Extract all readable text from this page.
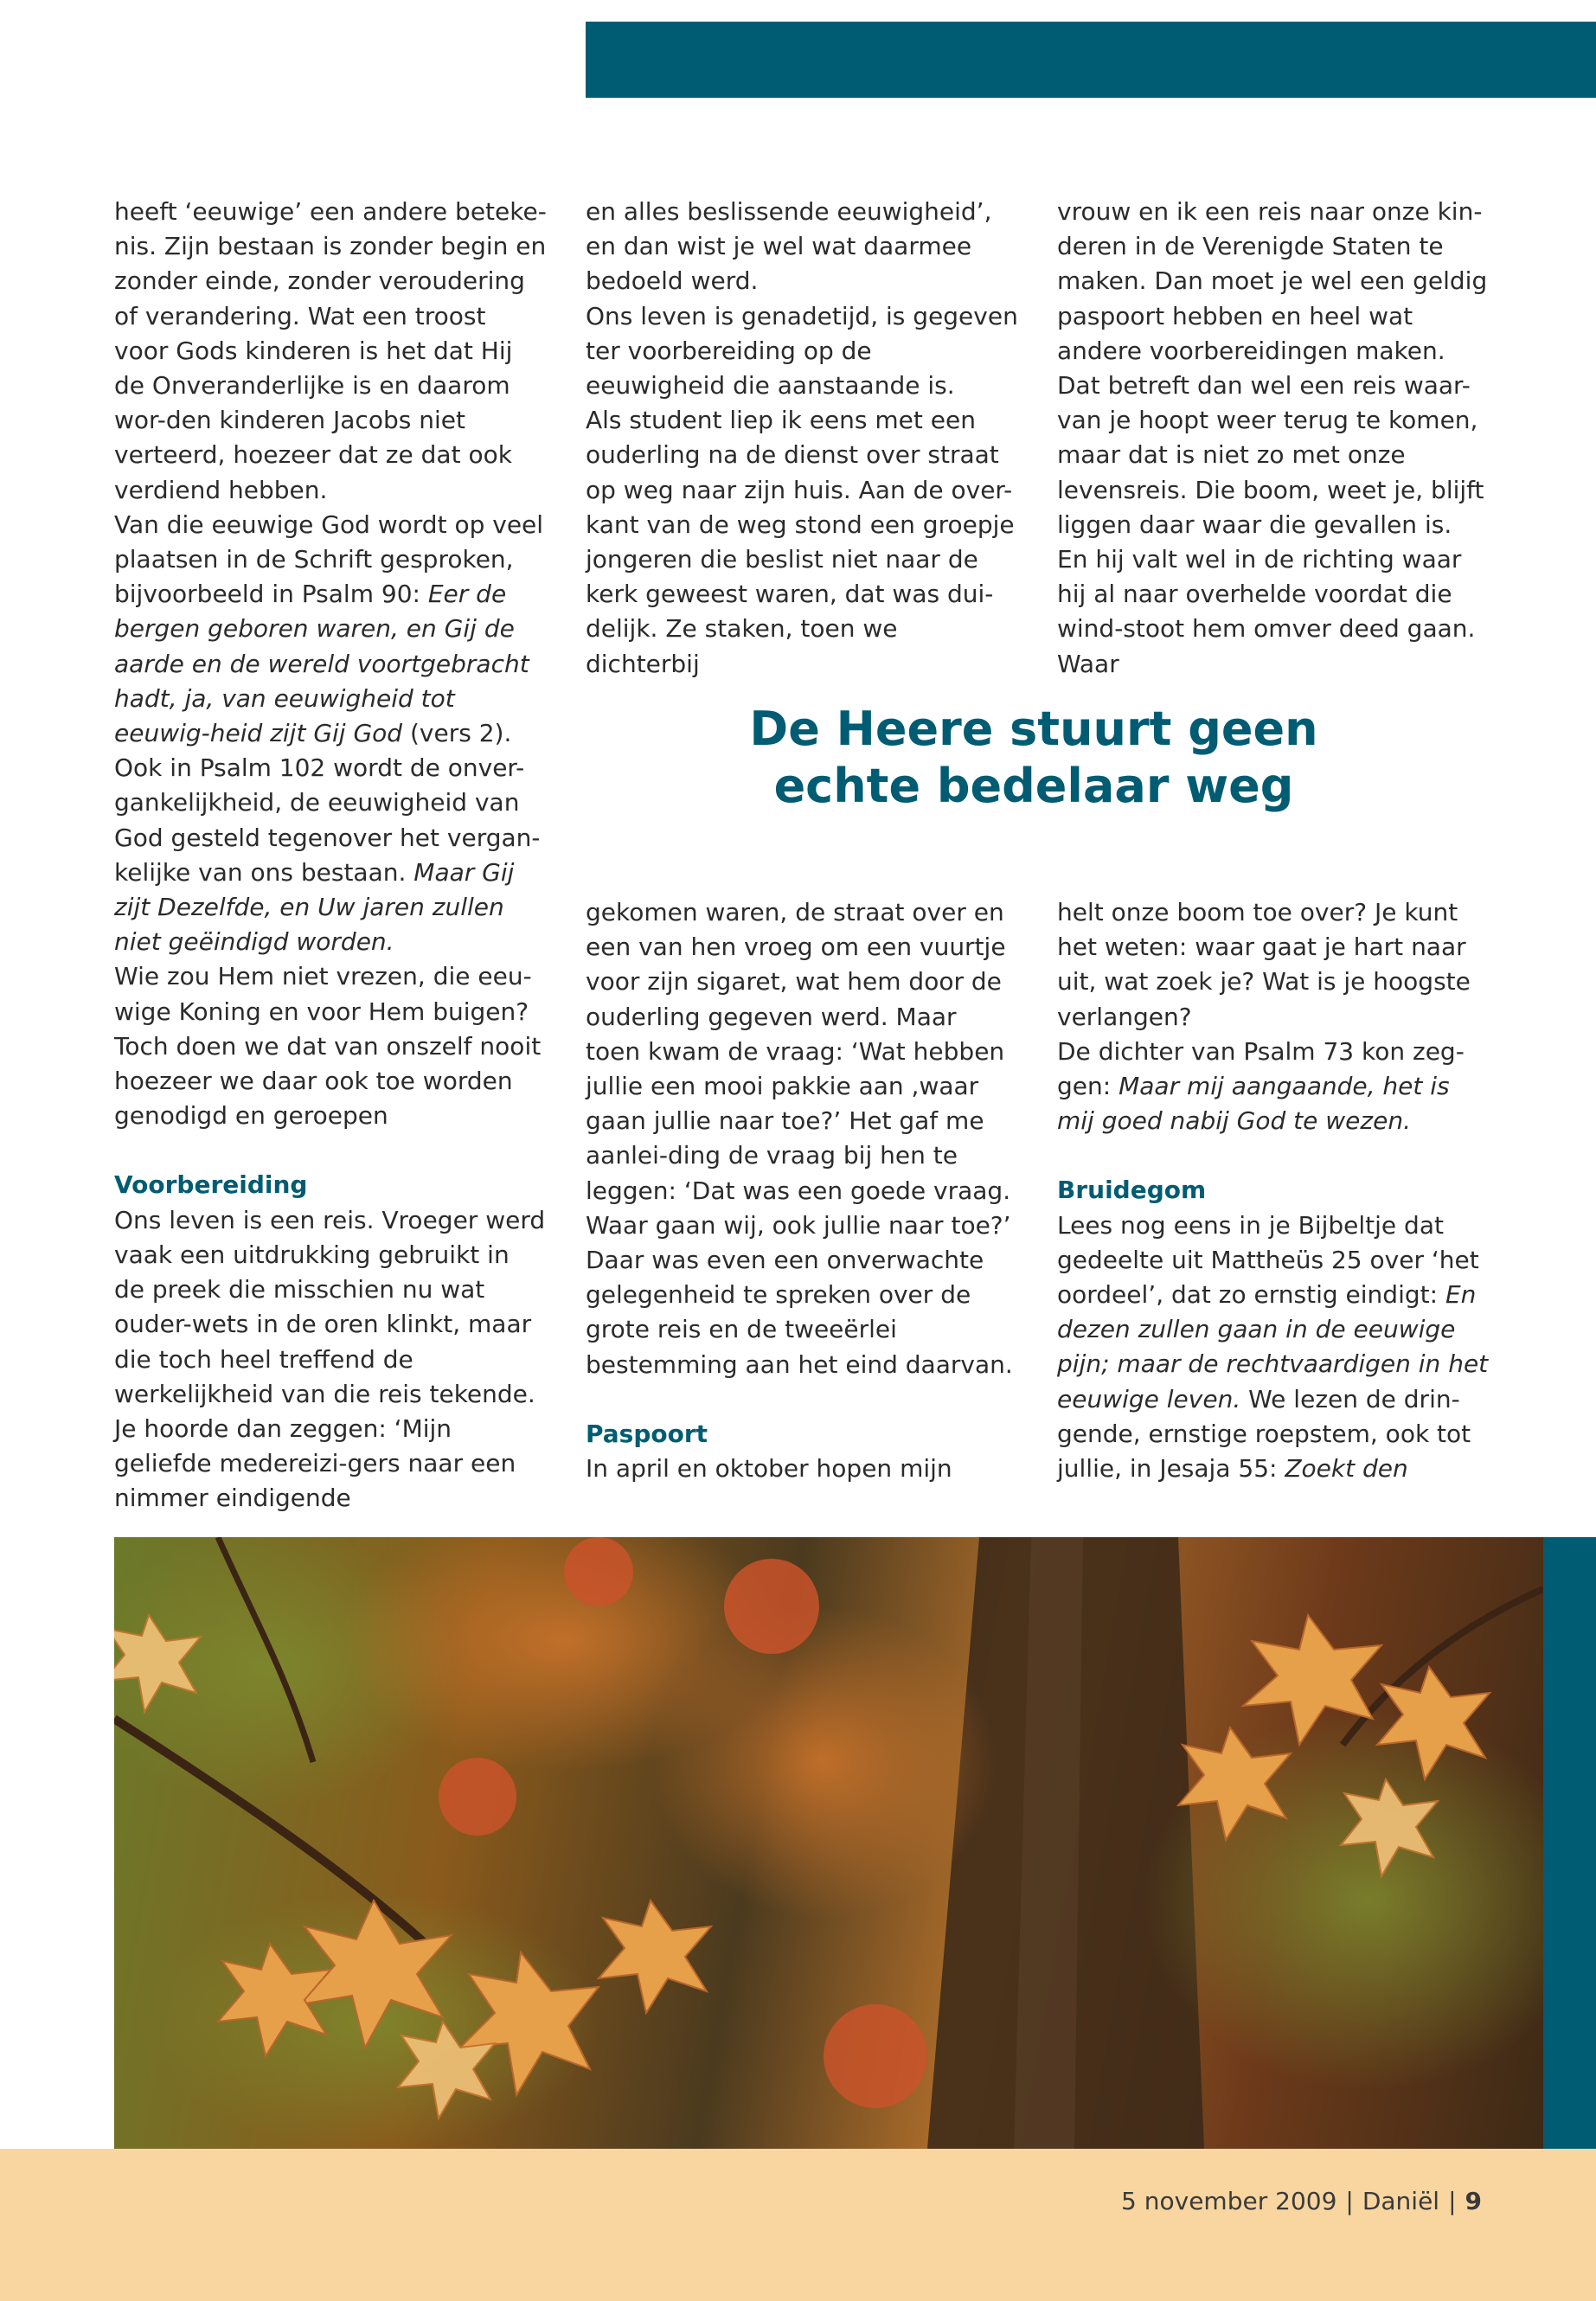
heeft ‘eeuwige’ een andere beteke-nis. Zijn bestaan is zonder begin en zonder einde, zonder veroudering of verandering. Wat een troost voor Gods kinderen is het dat Hij de Onveranderlijke is en daarom wor-den kinderen Jacobs niet verteerd, hoezeer dat ze dat ook verdiend hebben.

Van die eeuwige God wordt op veel plaatsen in de Schrift gesproken, bijvoorbeeld in Psalm 90: Eer de bergen geboren waren, en Gij de aarde en de wereld voortgebracht hadt, ja, van eeuwigheid tot eeuwig-heid zijt Gij God (vers 2).

Ook in Psalm 102 wordt de onver-gankelijkheid, de eeuwigheid van God gesteld tegenover het vergan-kelijke van ons bestaan. Maar Gij zijt Dezelfde, en Uw jaren zullen niet geëindigd worden.

Wie zou Hem niet vrezen, die eeu-wige Koning en voor Hem buigen? Toch doen we dat van onszelf nooit hoezeer we daar ook toe worden genodigd en geroepen

Voorbereiding

Ons leven is een reis. Vroeger werd vaak een uitdrukking gebruikt in de preek die misschien nu wat ouder-wets in de oren klinkt, maar die toch heel treffend de werkelijkheid van die reis tekende. Je hoorde dan zeggen: ‘Mijn geliefde medereizi-gers naar een nimmer eindigende

en alles beslissende eeuwigheid’, en dan wist je wel wat daarmee bedoeld werd.

Ons leven is genadetijd, is gegeven ter voorbereiding op de eeuwigheid die aanstaande is.

Als student liep ik eens met een ouderling na de dienst over straat op weg naar zijn huis. Aan de over-kant van de weg stond een groepje jongeren die beslist niet naar de kerk geweest waren, dat was dui-delijk. Ze staken, toen we dichterbij

vrouw en ik een reis naar onze kin-deren in de Verenigde Staten te maken. Dan moet je wel een geldig paspoort hebben en heel wat andere voorbereidingen maken.

Dat betreft dan wel een reis waar-van je hoopt weer terug te komen, maar dat is niet zo met onze levensreis. Die boom, weet je, blijft liggen daar waar die gevallen is. En hij valt wel in de richting waar hij al naar overhelde voordat die wind-stoot hem omver deed gaan. Waar

De Heere stuurt geen
echte bedelaar weg

gekomen waren, de straat over en een van hen vroeg om een vuurtje voor zijn sigaret, wat hem door de ouderling gegeven werd. Maar toen kwam de vraag: ‘Wat hebben jullie een mooi pakkie aan ,waar gaan jullie naar toe?’ Het gaf me aanlei-ding de vraag bij hen te leggen: ‘Dat was een goede vraag. Waar gaan wij, ook jullie naar toe?’ Daar was even een onverwachte gelegenheid te spreken over de grote reis en de tweeërlei bestemming aan het eind daarvan.

Paspoort

In april en oktober hopen mijn

helt onze boom toe over? Je kunt het weten: waar gaat je hart naar uit, wat zoek je? Wat is je hoogste verlangen?

De dichter van Psalm 73 kon zeg-gen: Maar mij aangaande, het is mij goed nabij God te wezen.

Bruidegom

Lees nog eens in je Bijbeltje dat gedeelte uit Mattheüs 25 over ‘het oordeel’, dat zo ernstig eindigt: En dezen zullen gaan in de eeuwige pijn; maar de rechtvaardigen in het eeuwige leven. We lezen de drin-gende, ernstige roepstem, ook tot jullie, in Jesaja 55: Zoekt den

5 november 2009 | Daniël | 9
